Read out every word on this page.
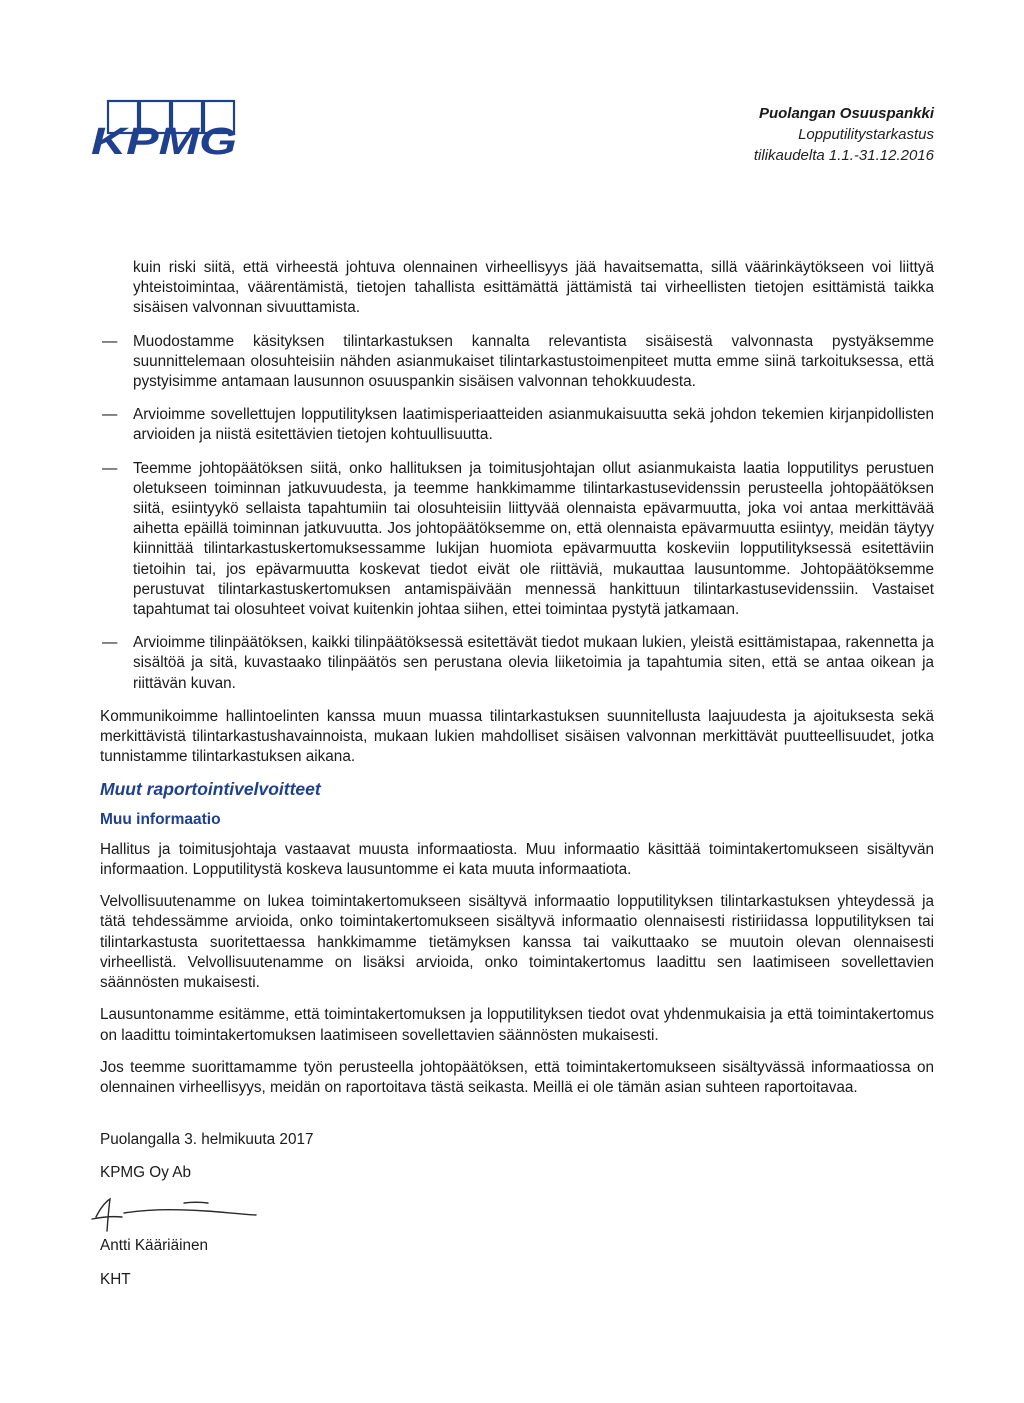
KPMG
Puolangan Osuuspankki
Lopputilitystarkastus
tilikaudelta 1.1.-31.12.2016

kuin riski siitä, että virheestä johtuva olennainen virheellisyys jää havaitsematta, sillä väärinkäytökseen voi liittyä yhteistoimintaa, väärentämistä, tietojen tahallista esittämättä jättämistä tai virheellisten tietojen esittämistä taikka sisäisen valvonnan sivuuttamista.

— Muodostamme käsityksen tilintarkastuksen kannalta relevantista sisäisestä valvonnasta pystyäksemme suunnittelemaan olosuhteisiin nähden asianmukaiset tilintarkastustoimenpiteet mutta emme siinä tarkoituksessa, että pystyisimme antamaan lausunnon osuuspankin sisäisen valvonnan tehokkuudesta.
— Arvioimme sovellettujen lopputilityksen laatimisperiaatteiden asianmukaisuutta sekä johdon tekemien kirjanpidollisten arvioiden ja niistä esitettävien tietojen kohtuullisuutta.
— Teemme johtopäätöksen siitä, onko hallituksen ja toimitusjohtajan ollut asianmukaista laatia lopputilitys perustuen oletukseen toiminnan jatkuvuudesta, ja teemme hankkimamme tilintarkastusevidenssin perusteella johtopäätöksen siitä, esiintyykö sellaista tapahtumiin tai olosuhteisiin liittyvää olennaista epävarmuutta, joka voi antaa merkittävää aihetta epäillä toiminnan jatkuvuutta. Jos johtopäätöksemme on, että olennaista epävarmuutta esiintyy, meidän täytyy kiinnittää tilintarkastuskertomuksessamme lukijan huomiota epävarmuutta koskeviin lopputilityksessä esitettäviin tietoihin tai, jos epävarmuutta koskevat tiedot eivät ole riittäviä, mukauttaa lausuntomme. Johtopäätöksemme perustuvat tilintarkastuskertomuksen antamispäivään mennessä hankittuun tilintarkastusevidenssiin. Vastaiset tapahtumat tai olosuhteet voivat kuitenkin johtaa siihen, ettei toimintaa pystytä jatkamaan.
— Arvioimme tilinpäätöksen, kaikki tilinpäätöksessä esitettävät tiedot mukaan lukien, yleistä esittämistapaa, rakennetta ja sisältöä ja sitä, kuvastaako tilinpäätös sen perustana olevia liiketoimia ja tapahtumia siten, että se antaa oikean ja riittävän kuvan.

Kommunikoimme hallintoelinten kanssa muun muassa tilintarkastuksen suunnitellusta laajuudesta ja ajoituksesta sekä merkittävistä tilintarkastushavainnoista, mukaan lukien mahdolliset sisäisen valvonnan merkittävät puutteellisuudet, jotka tunnistamme tilintarkastuksen aikana.

Muut raportointivelvoitteet
Muu informaatio

Hallitus ja toimitusjohtaja vastaavat muusta informaatiosta. Muu informaatio käsittää toimintakertomukseen sisältyvän informaation. Lopputilitystä koskeva lausuntomme ei kata muuta informaatiota.

Velvollisuutenamme on lukea toimintakertomukseen sisältyvä informaatio lopputilityksen tilintarkastuksen yhteydessä ja tätä tehdessämme arvioida, onko toimintakertomukseen sisältyvä informaatio olennaisesti ristiriidassa lopputilityksen tai tilintarkastusta suoritettaessa hankkimamme tietämyksen kanssa tai vaikuttaako se muutoin olevan olennaisesti virheellistä. Velvollisuutenamme on lisäksi arvioida, onko toimintakertomus laadittu sen laatimiseen sovellettavien säännösten mukaisesti.

Lausuntonamme esitämme, että toimintakertomuksen ja lopputilityksen tiedot ovat yhdenmukaisia ja että toimintakertomus on laadittu toimintakertomuksen laatimiseen sovellettavien säännösten mukaisesti.

Jos teemme suorittamamme työn perusteella johtopäätöksen, että toimintakertomukseen sisältyvässä informaatiossa on olennainen virheellisyys, meidän on raportoitava tästä seikasta. Meillä ei ole tämän asian suhteen raportoitavaa.

Puolangalla 3. helmikuuta 2017
KPMG Oy Ab
Antti Kääriäinen
KHT
